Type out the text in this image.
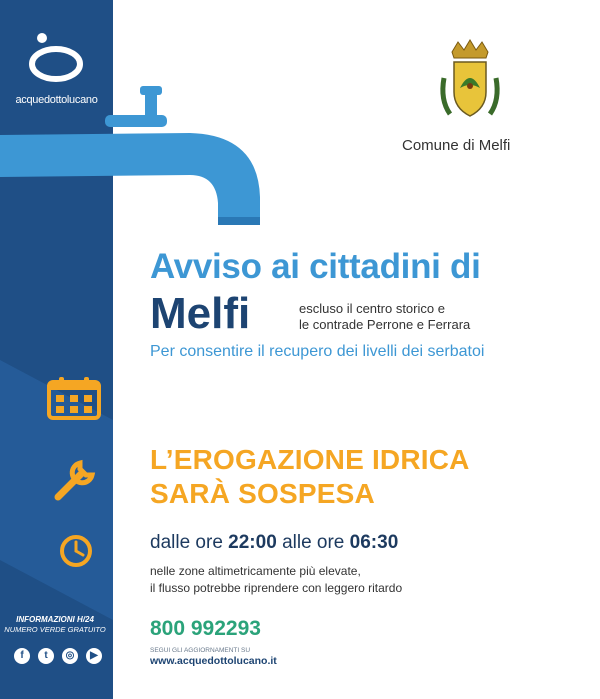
acquedottolucano
INFORMAZIONI H/24
NUMERO VERDE GRATUITO
f	t	◎	▶
Comune di Melfi
Avviso ai cittadini di
Melfi	escluso il centro storico e
le contrade Perrone e Ferrara
Per consentire il recupero dei livelli dei serbatoi
L’EROGAZIONE IDRICA
SARÀ SOSPESA
dalle ore 22:00 alle ore 06:30
nelle zone altimetricamente più elevate,
il flusso potrebbe riprendere con leggero ritardo
800 992293
SEGUI GLI AGGIORNAMENTI SU
www.acquedottolucano.it
